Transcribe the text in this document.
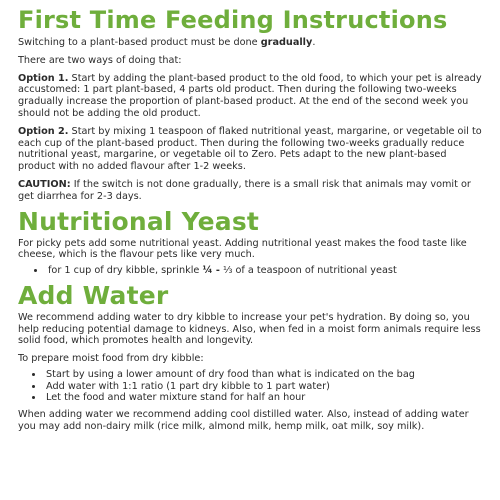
First Time Feeding Instructions

Switching to a plant-based product must be done gradually.

There are two ways of doing that:

Option 1. Start by adding the plant-based product to the old food, to which your pet is already accustomed: 1 part plant-based, 4 parts old product. Then during the following two-weeks gradually increase the proportion of plant-based product. At the end of the second week you should not be adding the old product.

Option 2. Start by mixing 1 teaspoon of flaked nutritional yeast, margarine, or vegetable oil to each cup of the plant-based product. Then during the following two-weeks gradually reduce nutritional yeast, margarine, or vegetable oil to Zero. Pets adapt to the new plant-based product with no added flavour after 1-2 weeks.

CAUTION: If the switch is not done gradually, there is a small risk that animals may vomit or get diarrhea for 2-3 days.

Nutritional Yeast

For picky pets add some nutritional yeast. Adding nutritional yeast makes the food taste like cheese, which is the flavour pets like very much.

• for 1 cup of dry kibble, sprinkle ¼ - ⅓ of a teaspoon of nutritional yeast
Add Water

We recommend adding water to dry kibble to increase your pet's hydration. By doing so, you help reducing potential damage to kidneys. Also, when fed in a moist form animals require less solid food, which promotes health and longevity.

To prepare moist food from dry kibble:

• Start by using a lower amount of dry food than what is indicated on the bag
• Add water with 1:1 ratio (1 part dry kibble to 1 part water)
• Let the food and water mixture stand for half an hour

When adding water we recommend adding cool distilled water. Also, instead of adding water you may add non-dairy milk (rice milk, almond milk, hemp milk, oat milk, soy milk).
